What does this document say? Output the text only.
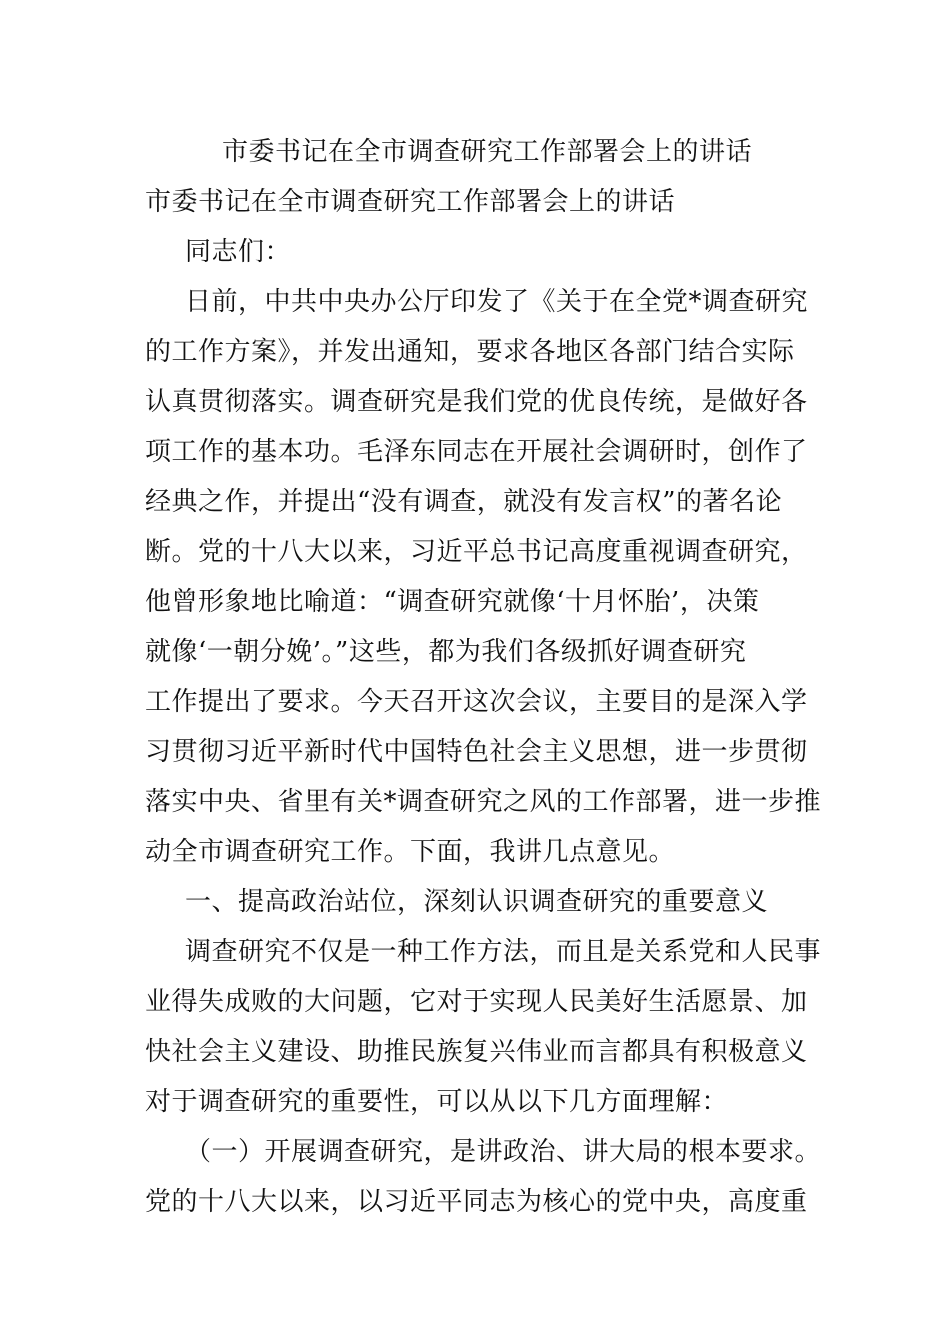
市委书记在全市调查研究工作部署会上的讲话
市委书记在全市调查研究工作部署会上的讲话
同志们：
日前，中共中央办公厅印发了《关于在全党*调查研究
的工作方案》，并发出通知，要求各地区各部门结合实际
认真贯彻落实。调查研究是我们党的优良传统，是做好各
项工作的基本功。毛泽东同志在开展社会调研时，创作了
经典之作，并提出“没有调查，就没有发言权”的著名论
断。党的十八大以来，习近平总书记高度重视调查研究，
他曾形象地比喻道：“调查研究就像‘十月怀胎’，决策
就像‘一朝分娩’。”这些，都为我们各级抓好调查研究
工作提出了要求。今天召开这次会议，主要目的是深入学
习贯彻习近平新时代中国特色社会主义思想，进一步贯彻
落实中央、省里有关*调查研究之风的工作部署，进一步推
动全市调查研究工作。下面，我讲几点意见。
一、提高政治站位，深刻认识调查研究的重要意义
调查研究不仅是一种工作方法，而且是关系党和人民事
业得失成败的大问题，它对于实现人民美好生活愿景、加
快社会主义建设、助推民族复兴伟业而言都具有积极意义
对于调查研究的重要性，可以从以下几方面理解：
（一）开展调查研究，是讲政治、讲大局的根本要求。
党的十八大以来，以习近平同志为核心的党中央，高度重
